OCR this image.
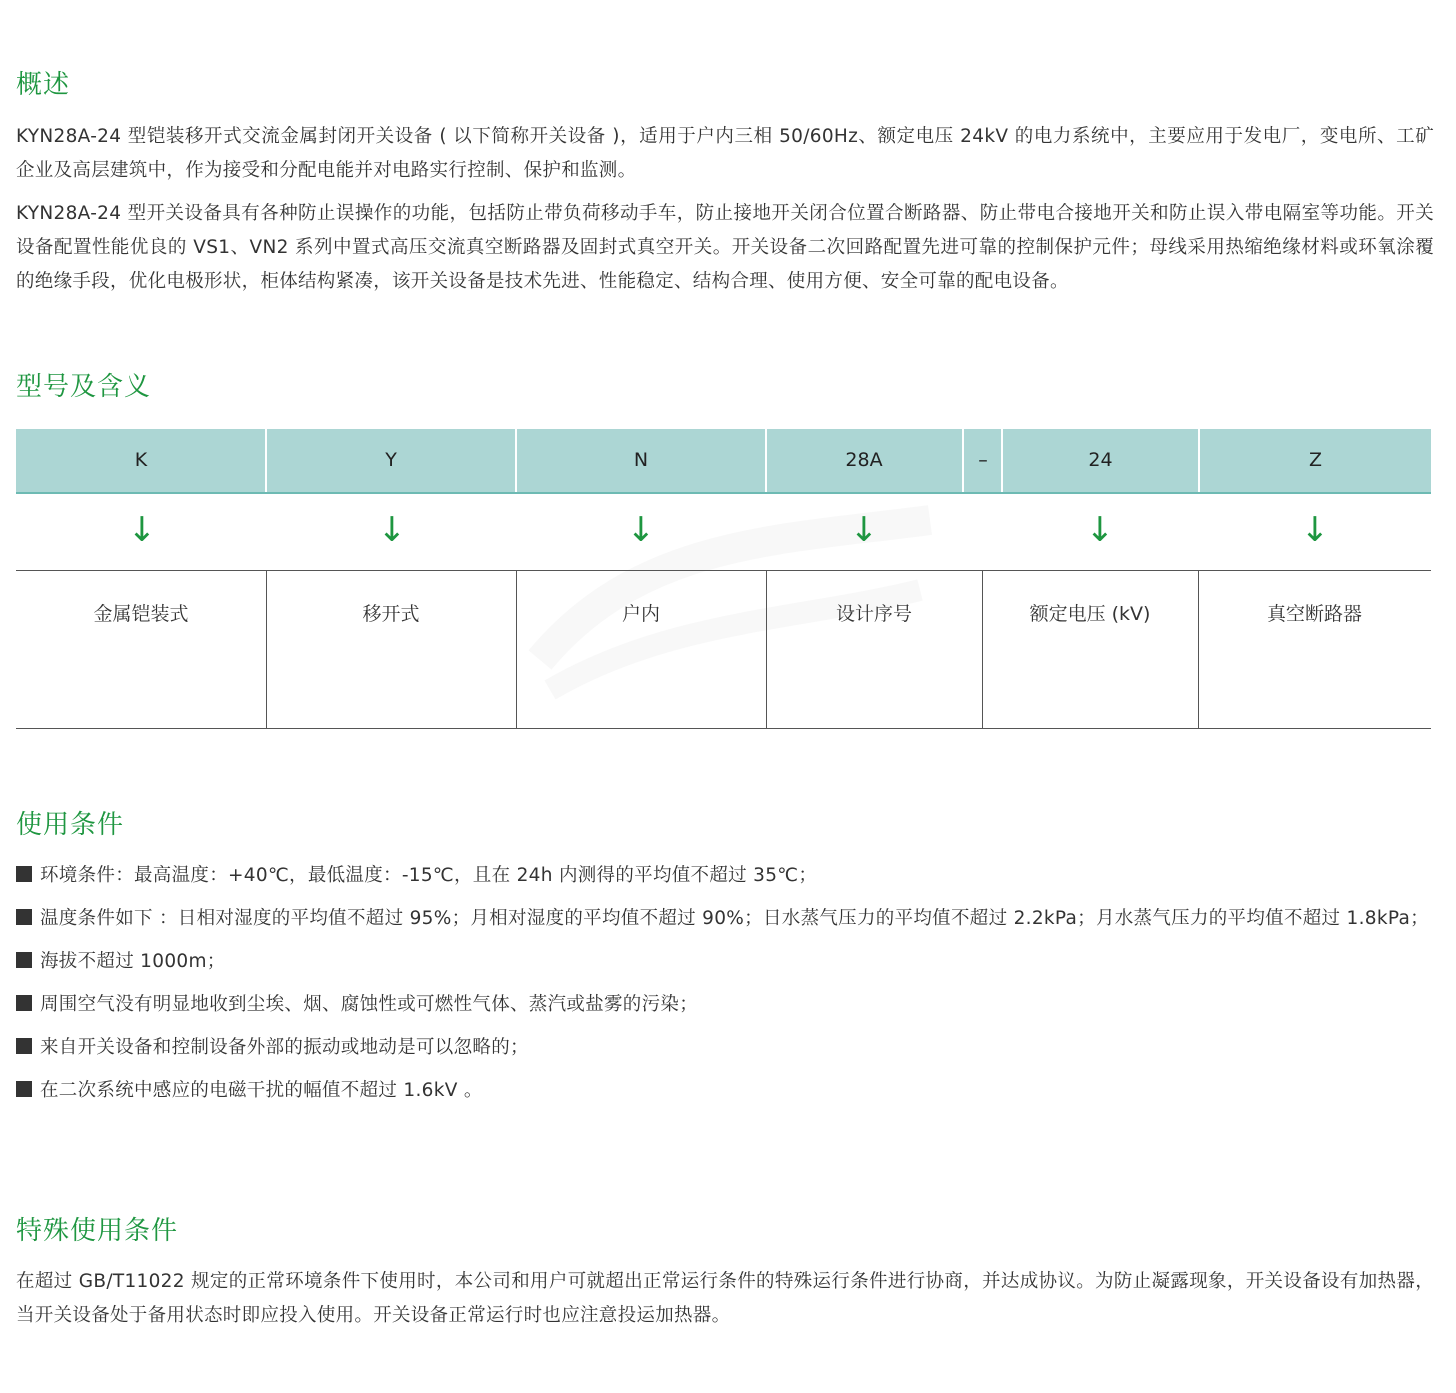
概述

KYN28A-24 型铠装移开式交流金属封闭开关设备 ( 以下简称开关设备 )，适用于户内三相 50/60Hz、额定电压 24kV 的电力系统中，主要应用于发电厂，变电所、工矿企业及高层建筑中，作为接受和分配电能并对电路实行控制、保护和监测。

KYN28A-24 型开关设备具有各种防止误操作的功能，包括防止带负荷移动手车，防止接地开关闭合位置合断路器、防止带电合接地开关和防止误入带电隔室等功能。开关设备配置性能优良的 VS1、VN2 系列中置式高压交流真空断路器及固封式真空开关。开关设备二次回路配置先进可靠的控制保护元件；母线采用热缩绝缘材料或环氧涂覆的绝缘手段，优化电极形状，柜体结构紧凑，该开关设备是技术先进、性能稳定、结构合理、使用方便、安全可靠的配电设备。

型号及含义
K	Y	N	28A	–	24	Z
↓	↓	↓	↓	↓	↓
金属铠装式	移开式	户内	设计序号	额定电压 (kV)	真空断路器
使用条件
环境条件：最高温度：+40℃，最低温度：-15℃，且在 24h 内测得的平均值不超过 35℃；
温度条件如下 ：日相对湿度的平均值不超过 95%；月相对湿度的平均值不超过 90%；日水蒸气压力的平均值不超过 2.2kPa；月水蒸气压力的平均值不超过 1.8kPa；
海拔不超过 1000m；
周围空气没有明显地收到尘埃、烟、腐蚀性或可燃性气体、蒸汽或盐雾的污染；
来自开关设备和控制设备外部的振动或地动是可以忽略的；
在二次系统中感应的电磁干扰的幅值不超过 1.6kV 。
特殊使用条件

在超过 GB/T11022 规定的正常环境条件下使用时，本公司和用户可就超出正常运行条件的特殊运行条件进行协商，并达成协议。为防止凝露现象，开关设备设有加热器，当开关设备处于备用状态时即应投入使用。开关设备正常运行时也应注意投运加热器。
